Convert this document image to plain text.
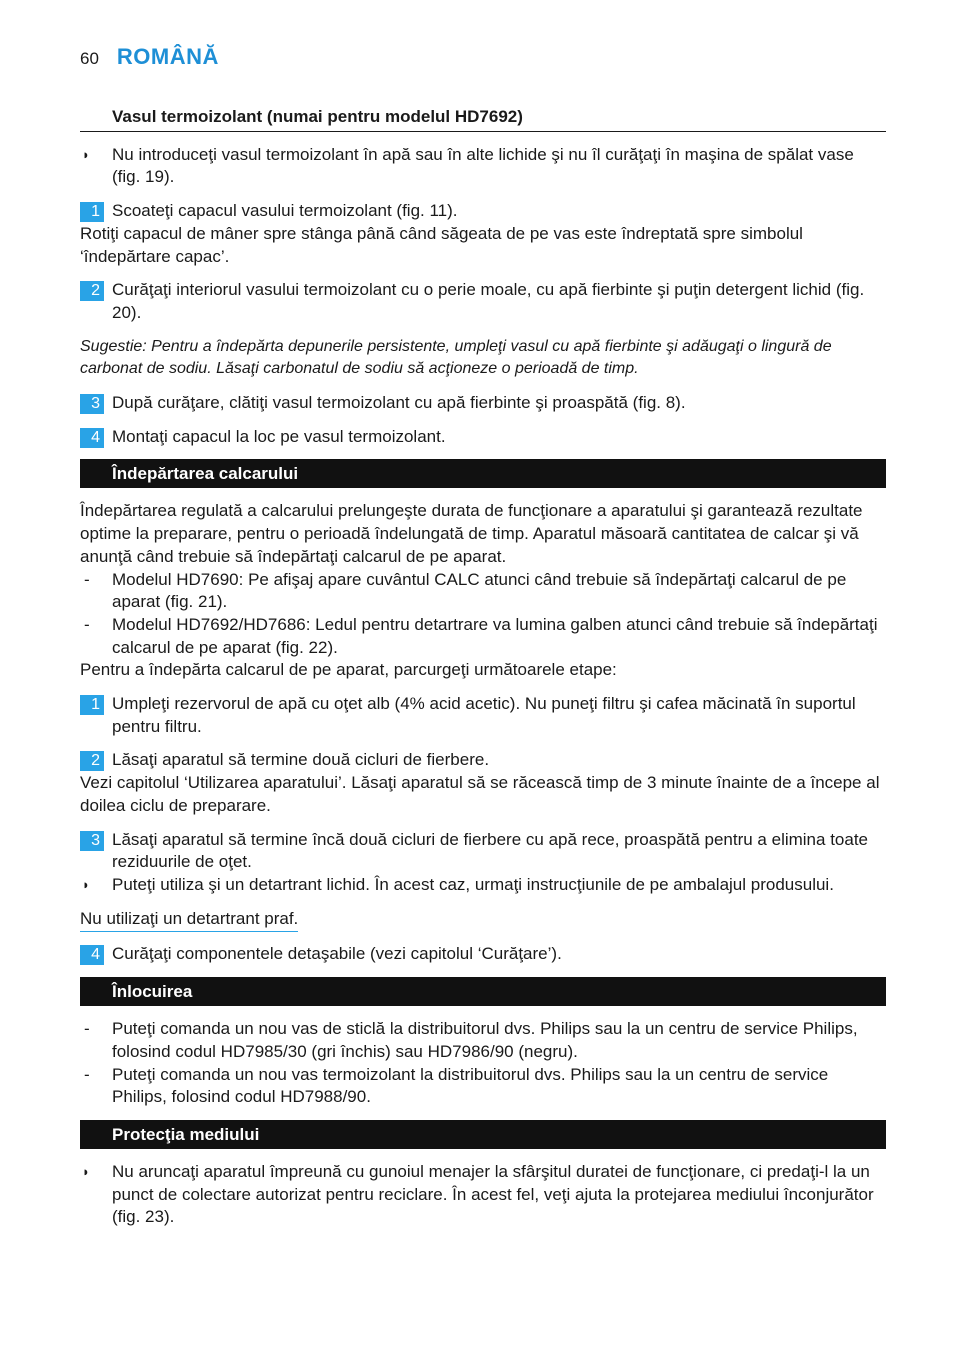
60 ROMÂNĂ
Vasul termoizolant (numai pentru modelul HD7692)
◗	Nu introduceţi vasul termoizolant în apă sau în alte lichide şi nu îl curăţaţi în maşina de spălat vase (fig. 19).
1 Scoateţi capacul vasului termoizolant (fig. 11).
Rotiţi capacul de mâner spre stânga până când săgeata de pe vas este îndreptată spre simbolul ‘îndepărtare capac’.
2 Curăţaţi interiorul vasului termoizolant cu o perie moale, cu apă fierbinte şi puţin detergent lichid (fig. 20).
Sugestie: Pentru a îndepărta depunerile persistente, umpleţi vasul cu apă fierbinte şi adăugaţi o lingură de carbonat de sodiu. Lăsaţi carbonatul de sodiu să acţioneze o perioadă de timp.
3 După curăţare, clătiţi vasul termoizolant cu apă fierbinte şi proaspătă (fig. 8).
4 Montaţi capacul la loc pe vasul termoizolant.
Îndepărtarea calcarului
Îndepărtarea regulată a calcarului prelungeşte durata de funcţionare a aparatului şi garantează rezultate optime la preparare, pentru o perioadă îndelungată de timp. Aparatul măsoară cantitatea de calcar şi vă anunţă când trebuie să îndepărtaţi calcarul de pe aparat.
-	Modelul HD7690: Pe afişaj apare cuvântul CALC atunci când trebuie să îndepărtaţi calcarul de pe aparat (fig. 21).
-	Modelul HD7692/HD7686: Ledul pentru detartrare va lumina galben atunci când trebuie să îndepărtaţi calcarul de pe aparat (fig. 22).
Pentru a îndepărta calcarul de pe aparat, parcurgeţi următoarele etape:
1 Umpleţi rezervorul de apă cu oţet alb (4% acid acetic). Nu puneţi filtru şi cafea măcinată în suportul pentru filtru.
2 Lăsaţi aparatul să termine două cicluri de fierbere.
Vezi capitolul ‘Utilizarea aparatului’. Lăsaţi aparatul să se răcească timp de 3 minute înainte de a începe al doilea ciclu de preparare.
3 Lăsaţi aparatul să termine încă două cicluri de fierbere cu apă rece, proaspătă pentru a elimina toate reziduurile de oţet.
◗	Puteţi utiliza şi un detartrant lichid. În acest caz, urmaţi instrucţiunile de pe ambalajul produsului.
Nu utilizaţi un detartrant praf.
4 Curăţaţi componentele detaşabile (vezi capitolul ‘Curăţare’).
Înlocuirea
-	Puteţi comanda un nou vas de sticlă la distribuitorul dvs. Philips sau la un centru de service Philips, folosind codul HD7985/30 (gri închis) sau HD7986/90 (negru).
-	Puteţi comanda un nou vas termoizolant la distribuitorul dvs. Philips sau la un centru de service Philips, folosind codul HD7988/90.
Protecţia mediului
◗	Nu aruncaţi aparatul împreună cu gunoiul menajer la sfârşitul duratei de funcţionare, ci predaţi-l la un punct de colectare autorizat pentru reciclare. În acest fel, veţi ajuta la protejarea mediului înconjurător (fig. 23).
